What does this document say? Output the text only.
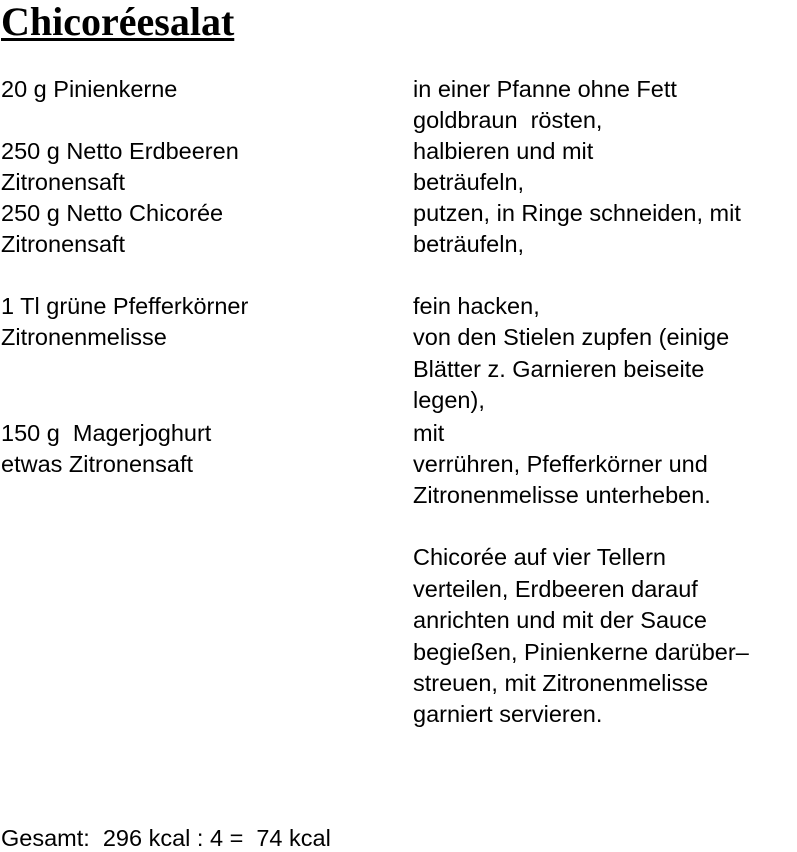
Chicoréesalat
20 g Pinienkerne
250 g Netto Erdbeeren
Zitronensaft
250 g Netto Chicorée
Zitronensaft
1 Tl grüne Pfefferkörner
Zitronenmelisse
150 g  Magerjoghurt
etwas Zitronensaft
in einer Pfanne ohne Fett
goldbraun  rösten,
halbieren und mit
beträufeln,
putzen, in Ringe schneiden, mit
beträufeln,
fein hacken,
von den Stielen zupfen (einige
Blätter z. Garnieren beiseite
legen),
mit
verrühren, Pfefferkörner und
Zitronenmelisse unterheben.
Chicorée auf vier Tellern
verteilen, Erdbeeren darauf
anrichten und mit der Sauce
begießen, Pinienkerne darüber–
streuen, mit Zitronenmelisse
garniert servieren.
Gesamt:  296 kcal : 4 =  74 kcal
